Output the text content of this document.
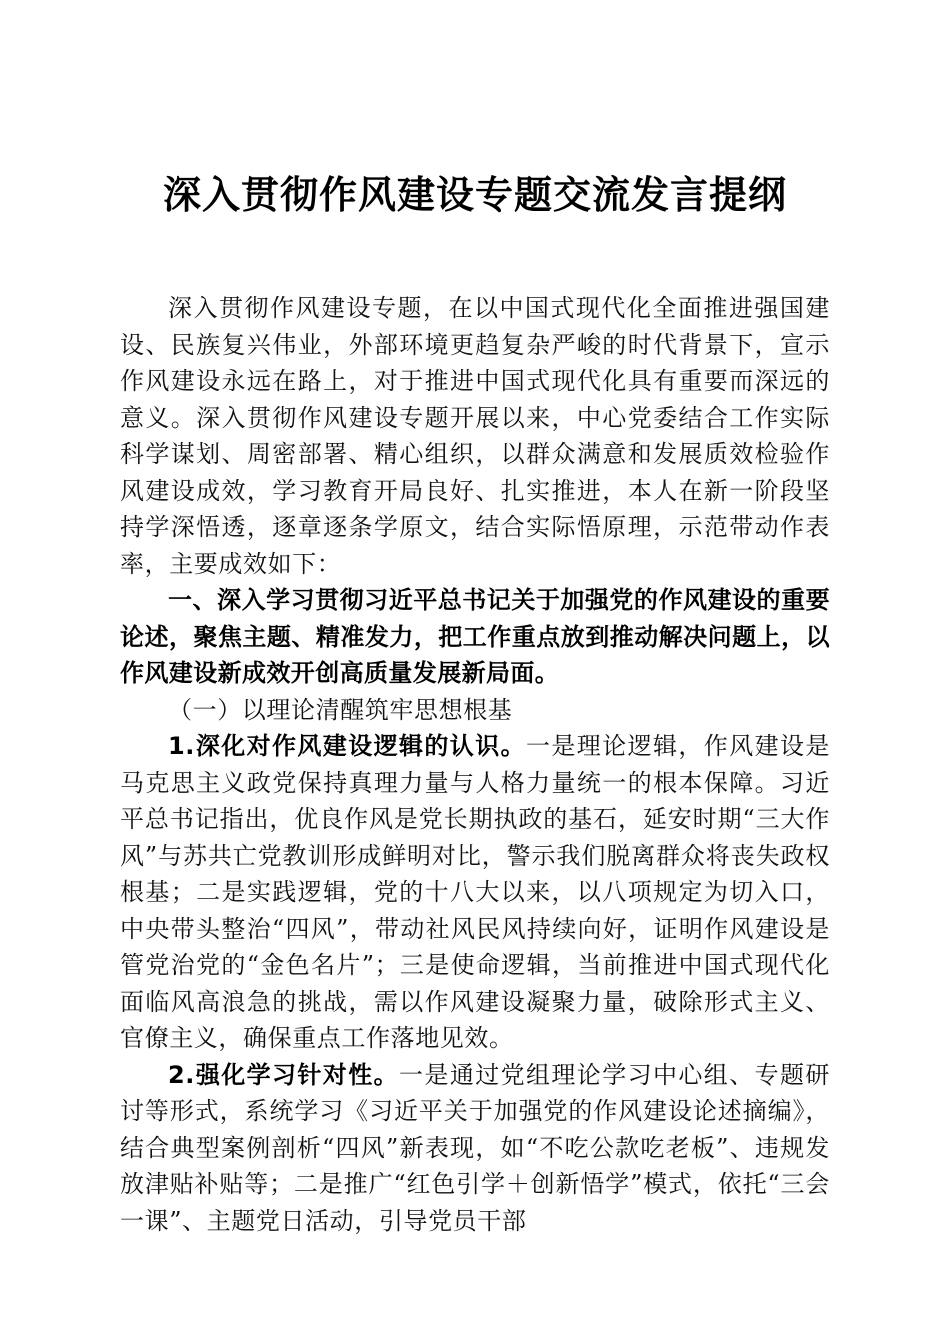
深入贯彻作风建设专题交流发言提纲

深入贯彻作风建设专题，在以中国式现代化全面推进强国建设、民族复兴伟业，外部环境更趋复杂严峻的时代背景下，宣示作风建设永远在路上，对于推进中国式现代化具有重要而深远的意义。深入贯彻作风建设专题开展以来，中心党委结合工作实际科学谋划、周密部署、精心组织，以群众满意和发展质效检验作风建设成效，学习教育开局良好、扎实推进，本人在新一阶段坚持学深悟透，逐章逐条学原文，结合实际悟原理，示范带动作表率，主要成效如下：

一、深入学习贯彻习近平总书记关于加强党的作风建设的重要论述，聚焦主题、精准发力，把工作重点放到推动解决问题上，以作风建设新成效开创高质量发展新局面。

（一）以理论清醒筑牢思想根基

1.深化对作风建设逻辑的认识。一是理论逻辑，作风建设是马克思主义政党保持真理力量与人格力量统一的根本保障。习近平总书记指出，优良作风是党长期执政的基石，延安时期“三大作风”与苏共亡党教训形成鲜明对比，警示我们脱离群众将丧失政权根基；二是实践逻辑，党的十八大以来，以八项规定为切入口，中央带头整治“四风”，带动社风民风持续向好，证明作风建设是管党治党的“金色名片”；三是使命逻辑，当前推进中国式现代化面临风高浪急的挑战，需以作风建设凝聚力量，破除形式主义、官僚主义，确保重点工作落地见效。

2.强化学习针对性。一是通过党组理论学习中心组、专题研讨等形式，系统学习《习近平关于加强党的作风建设论述摘编》，结合典型案例剖析“四风”新表现，如“不吃公款吃老板”、违规发放津贴补贴等；二是推广“红色引学＋创新悟学”模式，依托“三会一课”、主题党日活动，引导党员干部
